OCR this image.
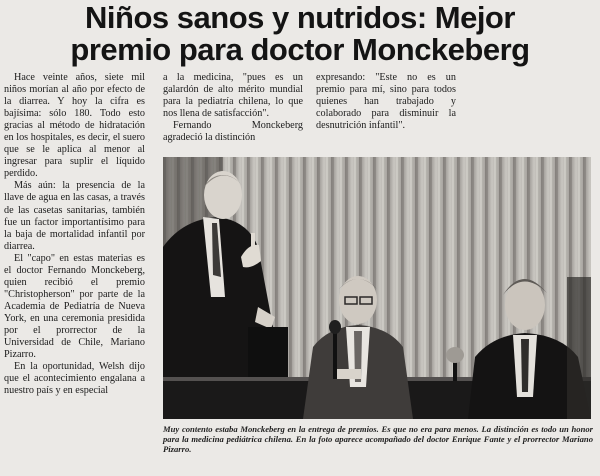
Niños sanos y nutridos: Mejor
premio para doctor Monckeberg

Hace veinte años, siete mil niños morían al año por efecto de la diarrea. Y hoy la cifra es bajísima: sólo 180. Todo esto gracias al método de hidratación en los hospitales, es decir, el suero que se le aplica al menor al ingresar para suplir el líquido perdido.

Más aún: la presencia de la llave de agua en las casas, a través de las casetas sanitarias, también fue un factor importantísimo para la baja de mortalidad infantil por diarrea.

El "capo" en estas materias es el doctor Fernando Monckeberg, quien recibió el premio "Christopherson" por parte de la Academia de Pediatría de Nueva York, en una ceremonia presidida por el prorrector de la Universidad de Chile, Mariano Pizarro.

En la oportunidad, Welsh dijo que el acontecimiento engalana a nuestro país y en especial

a la medicina, "pues es un galardón de alto mérito mundial para la pediatría chilena, lo que nos llena de satisfacción".

Fernando Monckeberg agradeció la distinción

expresando: "Este no es un premio para mí, sino para todos quienes han trabajado y colaborado para disminuir la desnutrición infantil".

Muy contento estaba Monckeberg en la entrega de premios. Es que no era para menos. La distinción es todo un honor para la medicina pediátrica chilena. En la foto aparece acompañado del doctor Enrique Fante y el prorrector Mariano Pizarro.
